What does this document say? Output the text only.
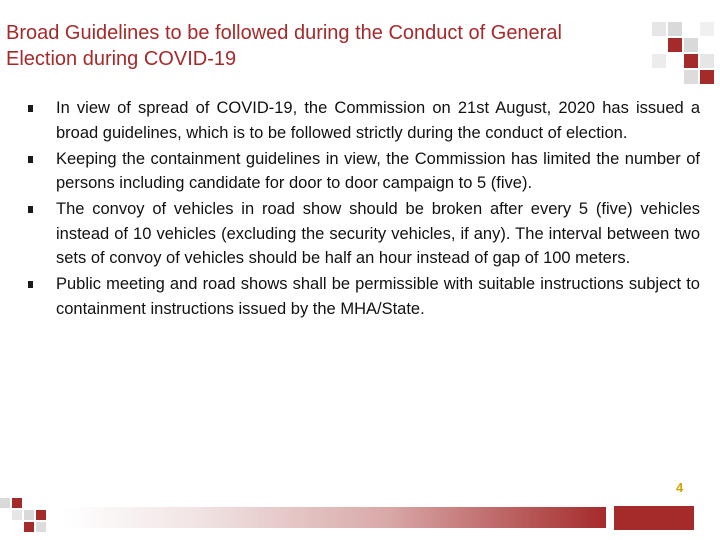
Broad Guidelines to be followed during the Conduct of General Election during COVID-19
In view of spread of COVID-19, the Commission on 21st August, 2020 has issued a broad guidelines, which is to be followed strictly during the conduct of election.
Keeping the containment guidelines in view, the Commission has limited the number of persons including candidate for door to door campaign to 5 (five).
The convoy of vehicles in road show should be broken after every 5 (five) vehicles instead of 10 vehicles (excluding the security vehicles, if any). The interval between two sets of convoy of vehicles should be half an hour instead of gap of 100 meters.
Public meeting and road shows shall be permissible with suitable instructions subject to containment instructions issued by the MHA/State.
4
